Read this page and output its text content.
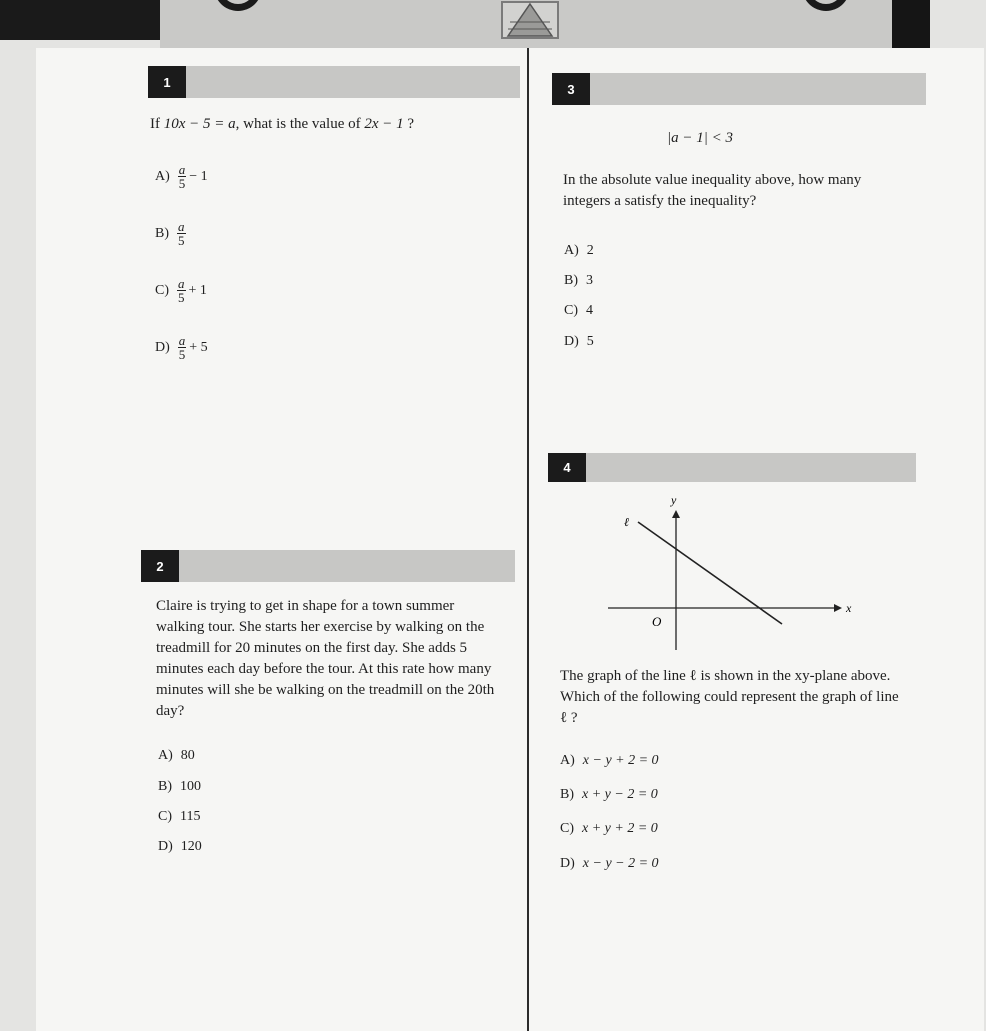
1

If 10x − 5 = a, what is the value of 2x − 1 ?

$A) \frac{a}{5} - 1$
$B) \frac{a}{5}$
$C) \frac{a}{5} + 1$
$D) \frac{a}{5} + 5$
2

Claire is trying to get in shape for a town summer walking tour. She starts her exercise by walking on the treadmill for 20 minutes on the first day. She adds 5 minutes each day before the tour. At this rate how many minutes will she be walking on the treadmill on the 20th day?

A) 80
B) 100
C) 115
D) 120
3
|a − 1| < 3

In the absolute value inequality above, how many integers a satisfy the inequality?

A) 2
B) 3
C) 4
D) 5
4
y
x
O
ℓ

The graph of the line ℓ is shown in the xy-plane above. Which of the following could represent the graph of line ℓ ?

A) x − y + 2 = 0
B) x + y − 2 = 0
C) x + y + 2 = 0
D) x − y − 2 = 0
